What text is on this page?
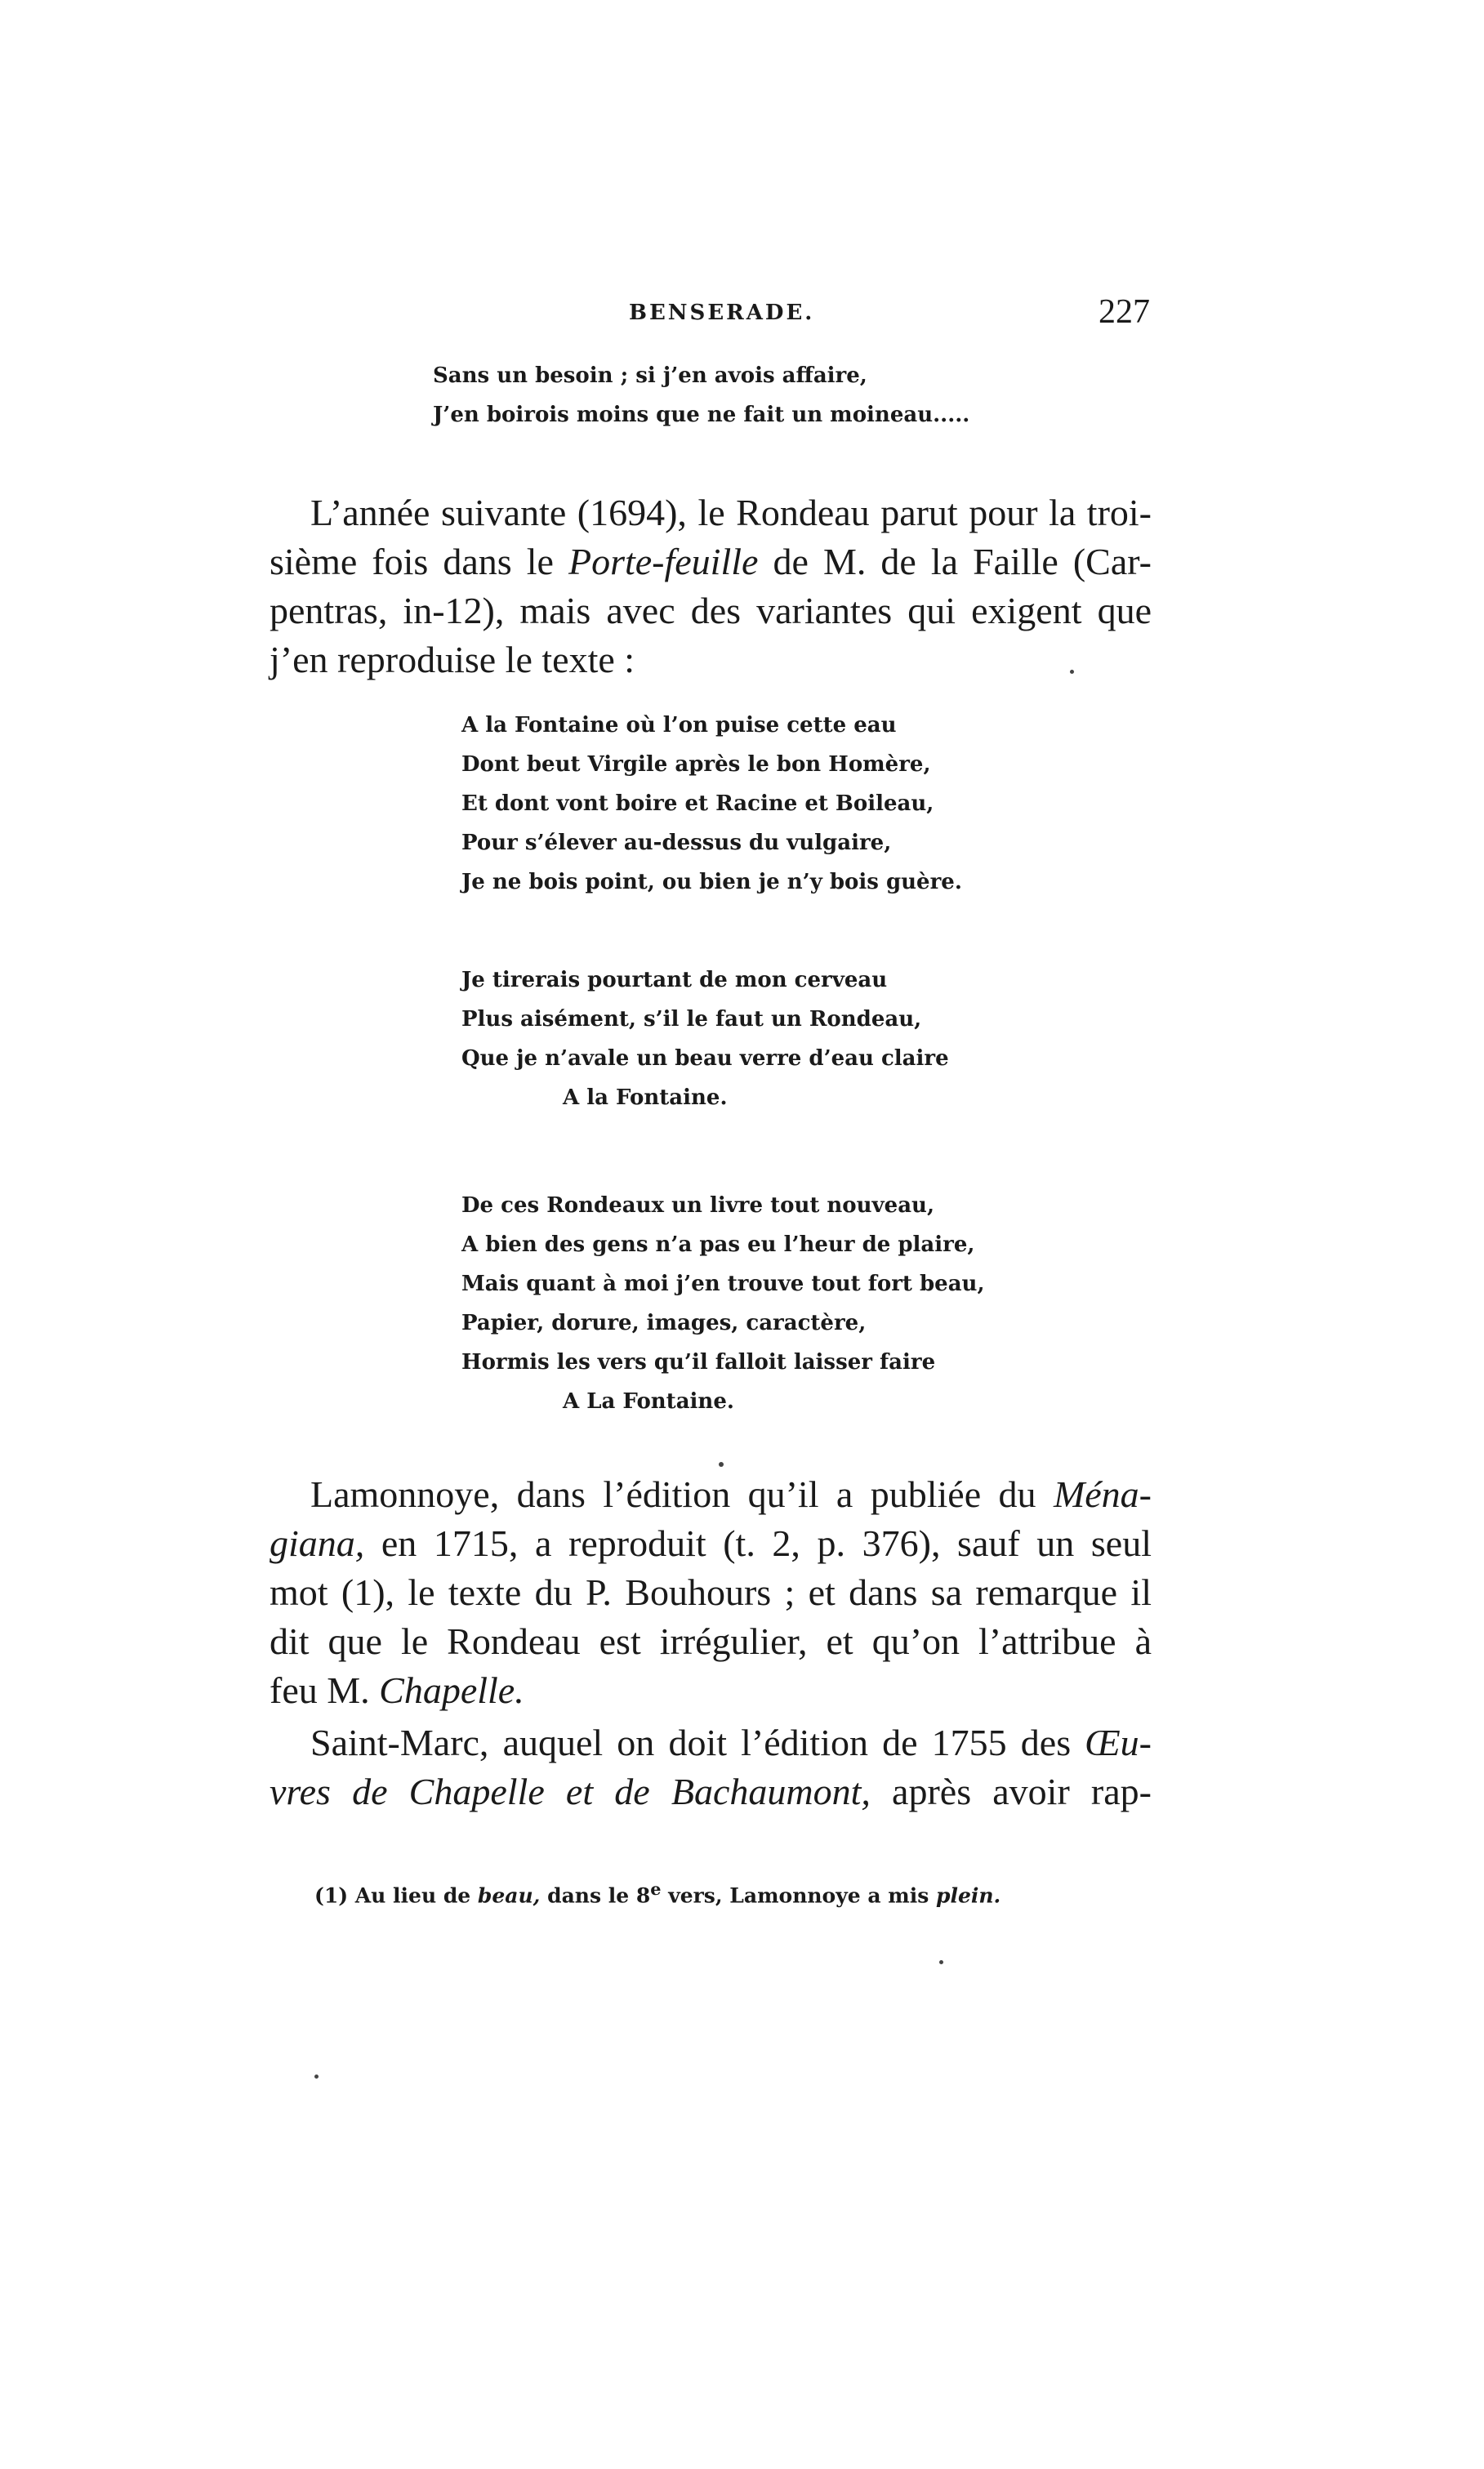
BENSERADE.	227
Sans un besoin ; si j’en avois affaire,
J’en boirois moins que ne fait un moineau.....
L’année suivante (1694), le Rondeau parut pour la troi-
sième fois dans le Porte-feuille de M. de la Faille (Car-
pentras, in-12), mais avec des variantes qui exigent que
j’en reproduise le texte :
A la Fontaine où l’on puise cette eau
Dont beut Virgile après le bon Homère,
Et dont vont boire et Racine et Boileau,
Pour s’élever au-dessus du vulgaire,
Je ne bois point, ou bien je n’y bois guère.
Je tirerais pourtant de mon cerveau
Plus aisément, s’il le faut un Rondeau,
Que je n’avale un beau verre d’eau claire
A la Fontaine.
De ces Rondeaux un livre tout nouveau,
A bien des gens n’a pas eu l’heur de plaire,
Mais quant à moi j’en trouve tout fort beau,
Papier, dorure, images, caractère,
Hormis les vers qu’il falloit laisser faire
A La Fontaine.
Lamonnoye, dans l’édition qu’il a publiée du Ména-
giana, en 1715, a reproduit (t. 2, p. 376), sauf un seul
mot (1), le texte du P. Bouhours ; et dans sa remarque il
dit que le Rondeau est irrégulier, et qu’on l’attribue à
feu M. Chapelle.
Saint-Marc, auquel on doit l’édition de 1755 des Œu-
vres de Chapelle et de Bachaumont, après avoir rap-
(1) Au lieu de beau, dans le 8e vers, Lamonnoye a mis plein.
